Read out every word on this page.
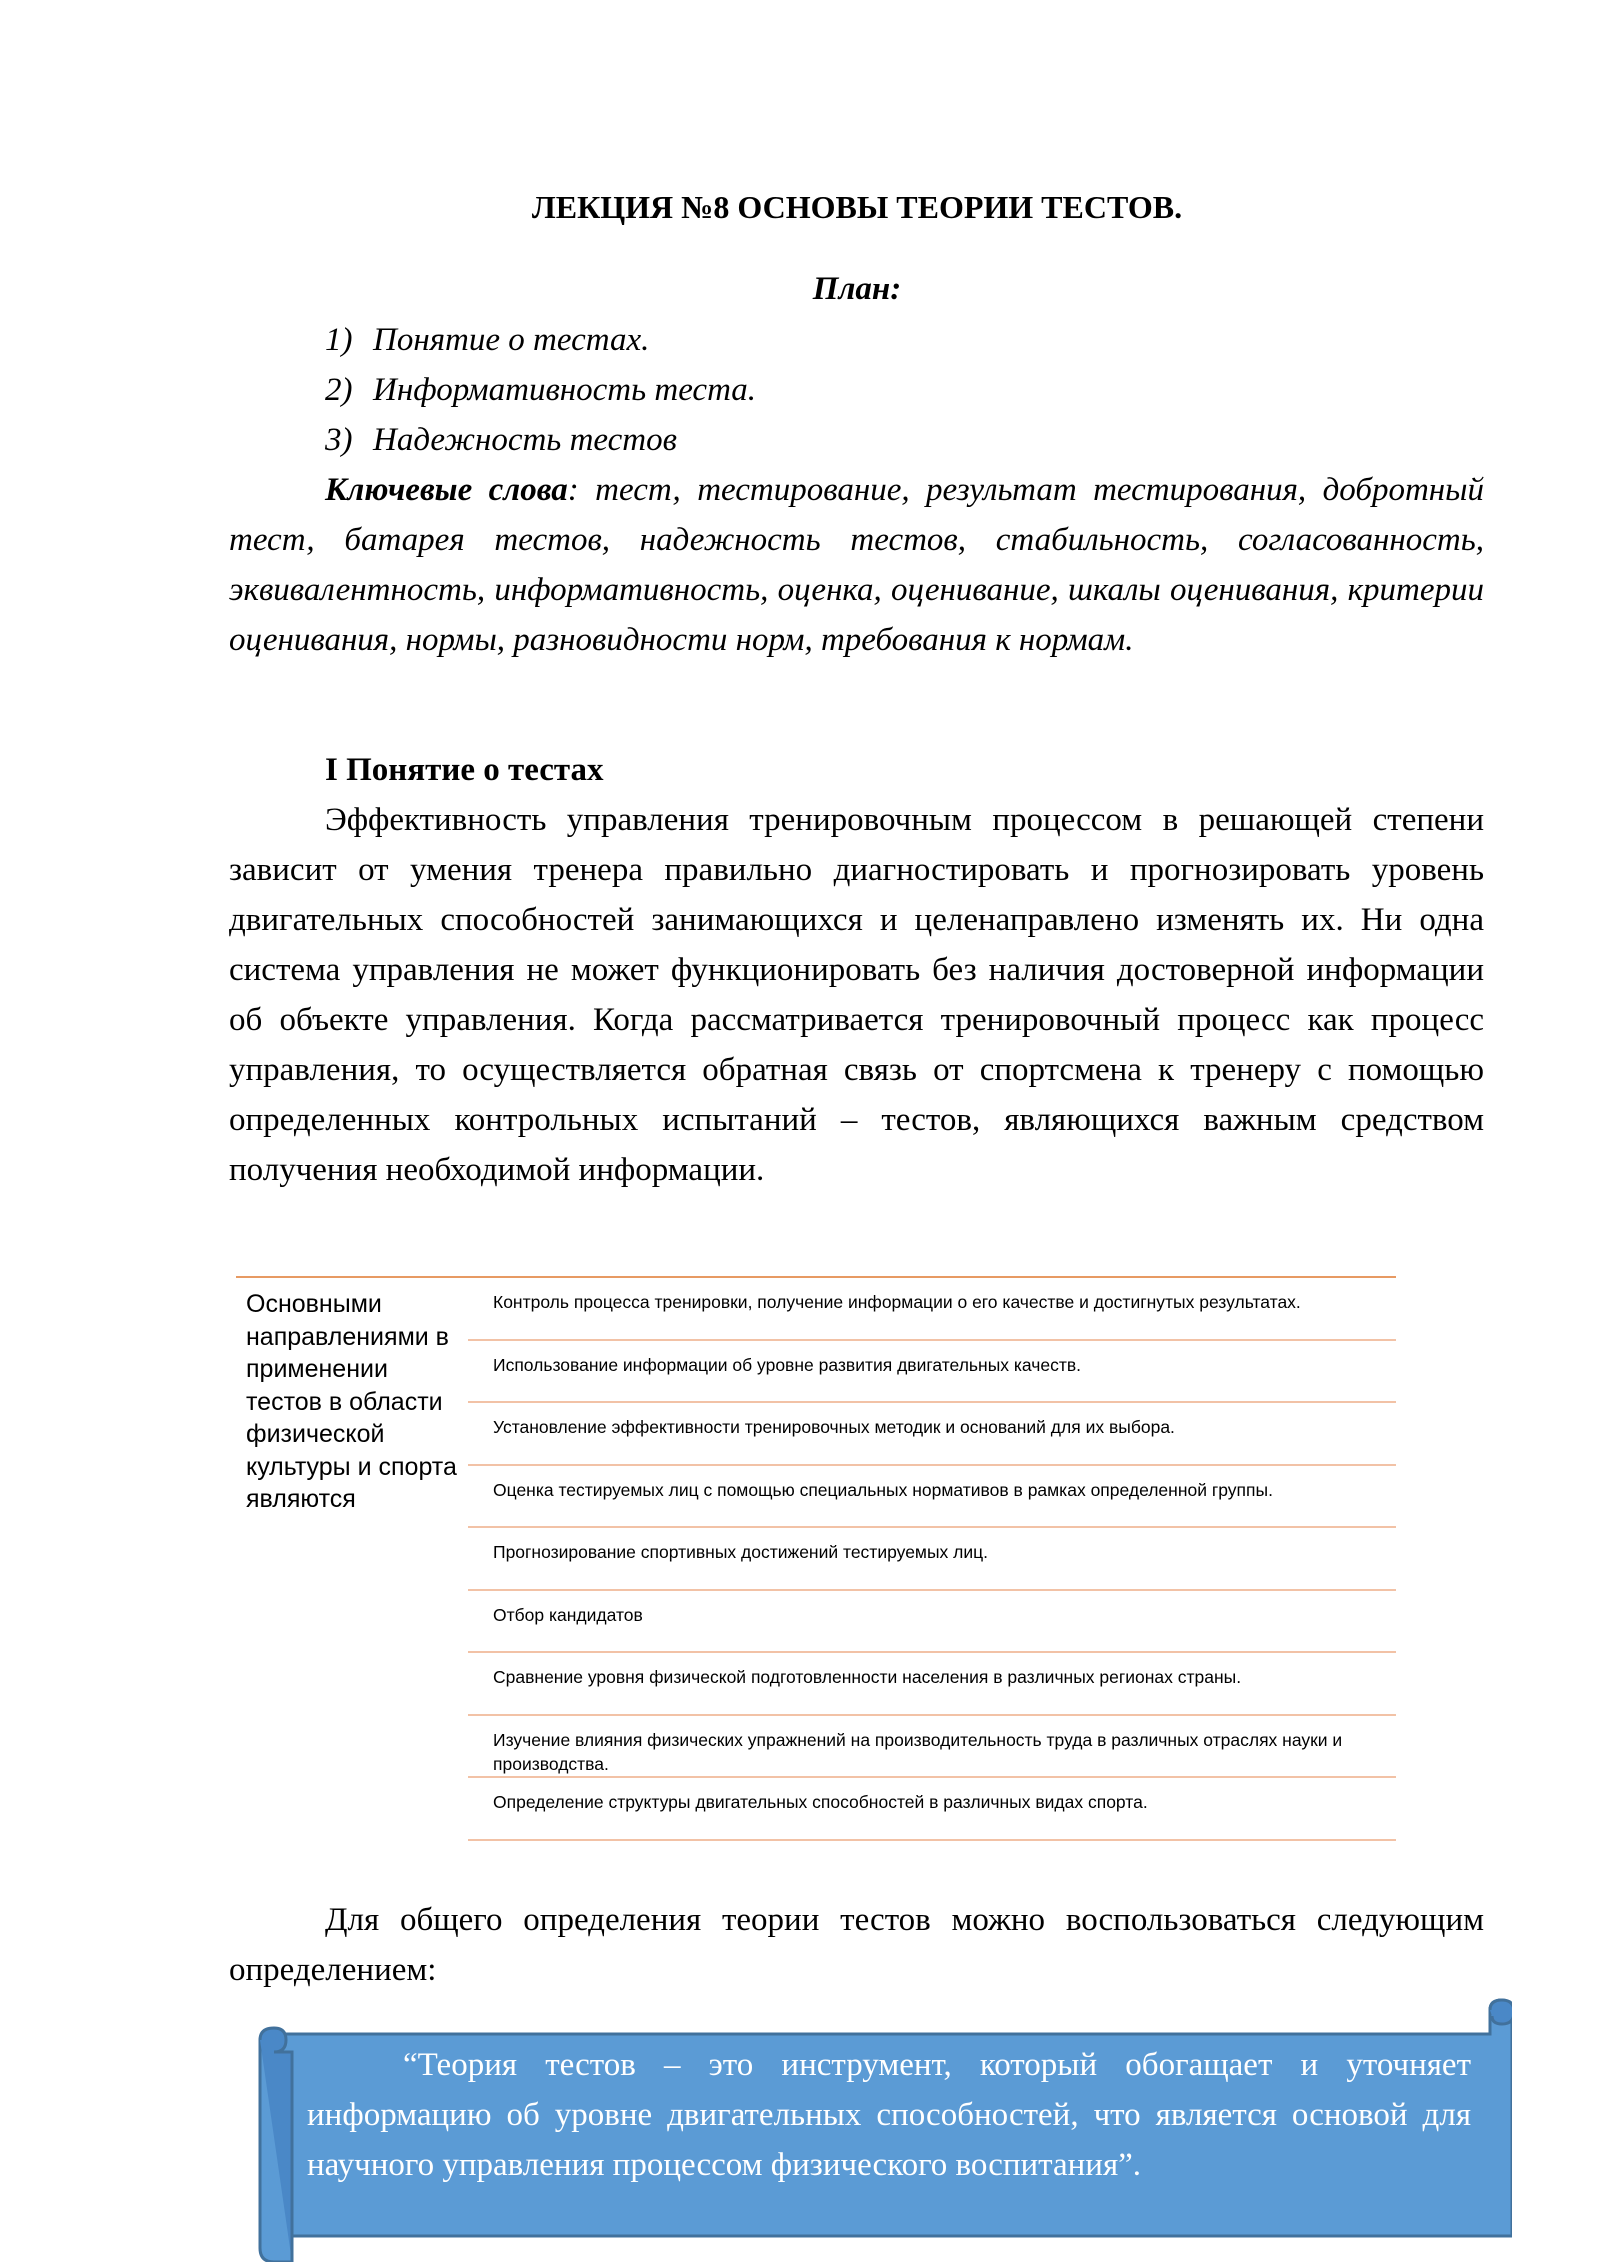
ЛЕКЦИЯ №8 ОСНОВЫ ТЕОРИИ ТЕСТОВ.
План:
1) Понятие о тестах.
2) Информативность теста.
3) Надежность тестов

Ключевые слова: тест, тестирование, результат тестирования, добротный тест, батарея тестов, надежность тестов, стабильность, согласованность, эквивалентность, информативность, оценка, оценивание, шкалы оценивания, критерии оценивания, нормы, разновидности норм, требования к нормам.

I Понятие о тестах

Эффективность управления тренировочным процессом в решающей степени зависит от умения тренера правильно диагностировать и прогнозировать уровень двигательных способностей занимающихся и целенаправлено изменять их. Ни одна система управления не может функционировать без наличия достоверной информации об объекте управления. Когда рассматривается тренировочный процесс как процесс управления, то осуществляется обратная связь от спортсмена к тренеру с помощью определенных контрольных испытаний – тестов, являющихся важным средством получения необходимой информации.

Основными направлениями в применении тестов в области физической культуры и спорта являются
Контроль процесса тренировки, получение информации о его качестве и достигнутых результатах.
Использование информации об уровне развития двигательных качеств.
Установление эффективности тренировочных методик и оснований для их выбора.
Оценка тестируемых лиц с помощью специальных нормативов в рамках определенной группы.
Прогнозирование спортивных достижений тестируемых лиц.
Отбор кандидатов
Сравнение уровня физической подготовленности населения в различных регионах страны.
Изучение влияния физических упражнений на производительность труда в различных отраслях науки и производства.
Определение структуры двигательных способностей в различных видах спорта.

Для общего определения теории тестов можно воспользоваться следующим определением:

“Теория тестов – это инструмент, который обогащает и уточняет информацию об уровне двигательных способностей, что является основой для научного управления процессом физического воспитания”.
